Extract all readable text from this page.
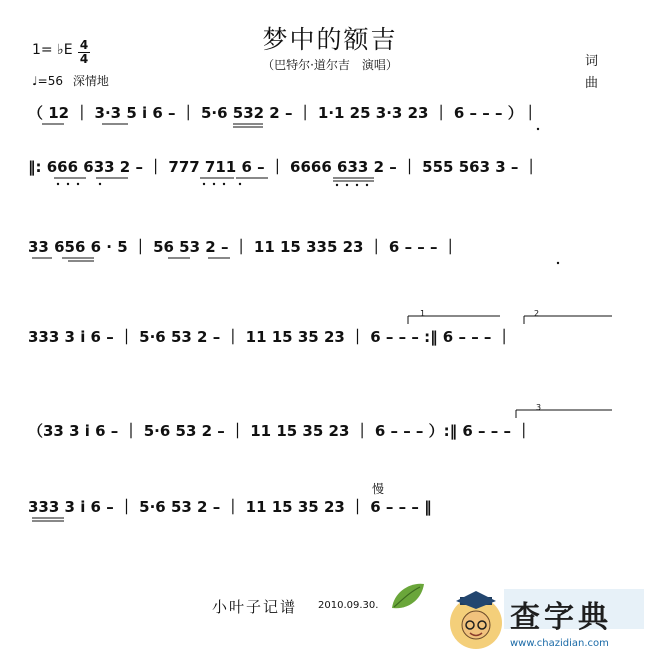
梦中的额吉
（巴特尔·道尔吉　演唱）
1= ♭E 4
4
♩=56 深情地
词
曲
（ 12 ｜ 3·3 5 i 6 – ｜ 5·6 532 2 – ｜ 1·1 25 3·3 23 ｜ 6 – – – ）｜
‖: 666 633 2 – ｜ 777 711 6 – ｜ 6666 633 2 – ｜ 555 563 3 – ｜
33 656 6 · 5 ｜ 56 53 2 – ｜ 11 15 335 23 ｜ 6 – – – ｜
333 3 i 6 – ｜ 5·6 53 2 – ｜ 11 15 35 23 ｜ 6 – – – :‖ 6 – – – ｜
1	2
（33 3 i 6 – ｜ 5·6 53 2 – ｜ 11 15 35 23 ｜ 6 – – – ）:‖ 6 – – – ｜
3
慢
333 3 i 6 – ｜ 5·6 53 2 – ｜ 11 15 35 23 ｜ 6 – – – ‖
小叶子记谱 2010.09.30.	查字典
www.chazidian.com
